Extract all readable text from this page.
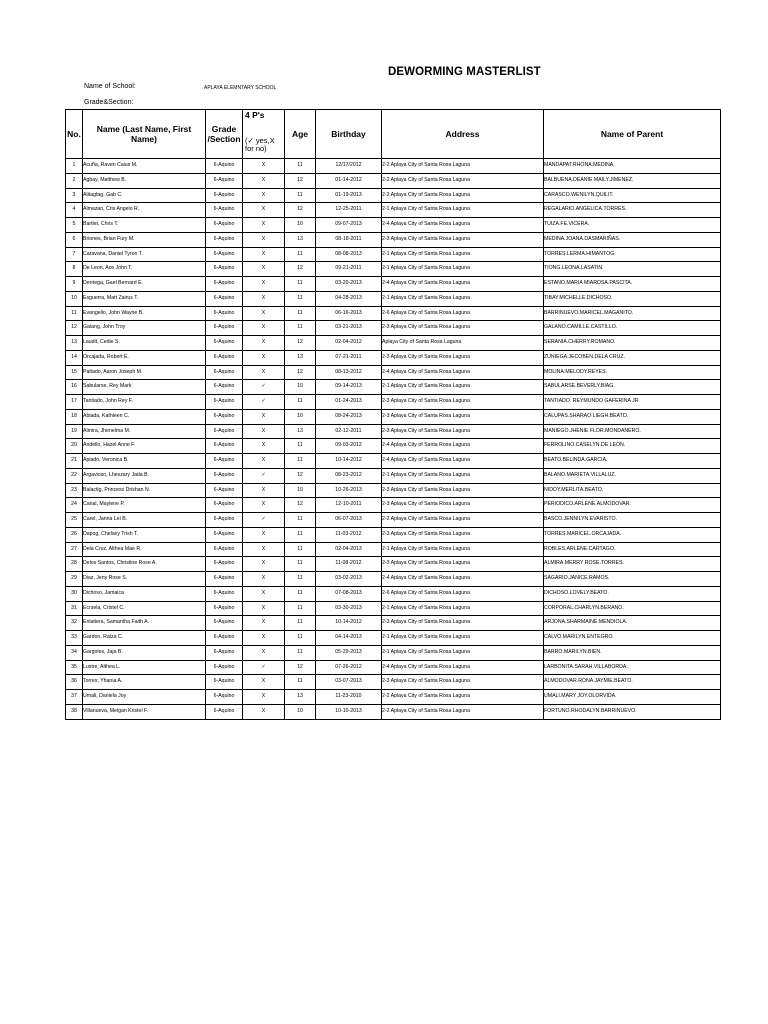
DEWORMING MASTERLIST
Name of School:	APLAYA ELEMNTARY SCHOOL
Grade&Section:
No.	Name (Last Name, First Name)	Grade /Section	4 P's	Age	Birthday	Address	Name of Parent
			(✓ yes,X for no)				
1	Acuña, Raven Caius M.	6-Aquino	X	11	12/17/2012	2-2 Aplaya City of Santa Rosa Laguna	MANDAPAT.RHONA.MEDINA.
2	Agbay, Matthew B.	6-Aquino	X	12	01-14-2012	2-2 Aplaya City of Santa Rosa Laguna	BALBUENA.DEANIE MAILY.JIMENEZ.
3	Alitagtag, Gab C.	6-Aquino	X	11	01-19-2013	2-2 Aplaya City of Santa Rosa Laguna	CARASCO.WENILYN.QUILIT.
4	Almazan, Cris Angelo R.	6-Aquino	X	12	12-25-2011	2-1 Aplaya City of Santa Rosa Laguna	REGALARIO.ANGELICA.TORRES.
5	Bartlet, Chris T.	6-Aquino	X	10	09-07-2013	2-4 Aplaya City of Santa Rosa Laguna	TUIZA.FE.VICERA.
6	Briones, Brian Fury M.	6-Aquino	X	13	08-18-2011	2-3 Aplaya City of Santa Rosa Laguna	MEDINA.JOANA.DASMARIÑAS.
7	Caravana, Daniel Tyron T.	6-Aquino	X	11	08-08-2013	2-1 Aplaya City of Santa Rosa Laguna	TORRES.LERMA.HIMANTOG.
8	De Leon, Ace John T.	6-Aquino	X	12	09-21-2011	2-1 Aplaya City of Santa Rosa Laguna	TIONG.LEONA.LASATIN.
9	Derriega, Gael Bernard E.	6-Aquino	X	11	03-20-2013	2-4 Aplaya City of Santa Rosa Laguna	ESTANO.MARIA MIAROSA.PASCITA.
10	Esguerra, Matt Zairus T.	6-Aquino	X	11	04-28-2013	2-1 Aplaya City of Santa Rosa Laguna	TIBAY.MICHELLE.DICHOSO.
11	Evangelio, John Wayne B.	6-Aquino	X	11	06-16-2013	2-6 Aplaya City of Santa Rosa Laguna	BARRINUEVO.MARICEL.MAGANITO.
12	Galang, John Troy	6-Aquino	X	11	03-21-2013	2-3 Aplaya City of Santa Rosa Laguna	GALANO.CAMILLE.CASTILLO.
13	Laudit, Cedie S.	6-Aquino	X	12	02-04-2012	Aplaya City of Santa Rosa Laguna	SERANIA.CHERRY.ROMANO.
14	Orcajada, Robert E.	6-Aquino	X	13	07-21-2011	2-3 Aplaya City of Santa Rosa Laguna	ZUNIEGA.JECOBEN.DELA CRUZ.
15	Paltado, Aaron Joseph M.	6-Aquino	X	12	08-13-2012	2-4 Aplaya City of Santa Rosa Laguna	MOLINA.MELODY.REYES.
16	Sabularse, Rey Mark	6-Aquino	✓	10	09-14-2013	2-1 Aplaya City of Santa Rosa Laguna	SABULARSE.BEVERLY.BIAG.
17	Tantiado, John Rey F.	6-Aquino	✓	11	01-24-2013	2-3 Aplaya City of Santa Rosa Laguna	TANTIADO. REYMUNDO GAFERINA JR
18	Abiada, Kathleen C.	6-Aquino	X	10	08-24-2013	2-3 Aplaya City of Santa Rosa Laguna	CALUPAS.SHARAO LIEGH.BEATO.
19	Almira, Jhenelma M.	6-Aquino	X	13	02-12-2011	2-3 Aplaya City of Santa Rosa Laguna	MANIEGO.JHENIE FLOR.MONDANERO.
20	Andello, Hazel Anne F.	6-Aquino	X	11	09-03-2012	2-4 Aplaya City of Santa Rosa Laguna	FERROLINO.CASELYN.DE LEON.
21	Apiado, Veronica B.	6-Aquino	X	11	10-14-2012	2-4 Aplaya City of Santa Rosa Laguna	BEATO.BELINDA.GARCIA.
22	Argavioso, Lhexzary Jada B.	6-Aquino	✓	12	08-23-2012	2-1 Aplaya City of Santa Rosa Laguna	BALANO.MARIETA.VILLALUZ.
23	Balactig, Princess Drishan N.	6-Aquino	X	10	10-26-2013	2-3 Aplaya City of Santa Rosa Laguna	NIDOY.MERLITA.BEATO.
24	Canal, Maylene P.	6-Aquino	X	12	12-10-2011	2-3 Aplaya City of Santa Rosa Laguna	PERIODICO.ARLENE.ALMODOVAR.
25	Carel, Janna Lei B.	6-Aquino	✓	11	06-07-2013	2-2 Aplaya City of Santa Rosa Laguna	BASCO.JENNILYN.EVARISTO.
26	Dapog, Chelsey Trish T.	6-Aquino	X	11	11-03-2012	2-3 Aplaya City of Santa Rosa Laguna	TORRES.MARICEL.ORCAJADA.
27	Dela Cruz, Althea Mae R.	6-Aquino	X	11	02-04-2013	2-1 Aplaya City of Santa Rosa Laguna	ROBLES.ARLENE.CARTAGO.
28	Delos Santos, Christine Rose A.	6-Aquino	X	11	11-08-2012	2-3 Aplaya City of Santa Rosa Laguna	ALMIRA.MERRY ROSE.TORRES.
29	Diaz, Jeny Rose S.	6-Aquino	X	11	03-02-2013	2-4 Aplaya City of Santa Rosa Laguna	SAGARIO.JANICE.RAMOS.
30	Dichoso, Jamaica	6-Aquino	X	11	07-08-2013	2-6 Aplaya City of Santa Rosa Laguna	DICHOSO.LOVELY.BEATO.
31	Ecrsela, Cristel C.	6-Aquino	X	11	03-30-2013	2-1 Aplaya City of Santa Rosa Laguna	CORPORAL.CHARLYN.BERANO.
32	Enlatiera, Samantha Faith A.	6-Aquino	X	11	10-14-2012	2-3 Aplaya City of Santa Rosa Laguna	ARJONA.SHARMAINE.MENDIOLA.
33	Gardon, Raiza C.	6-Aquino	X	11	04-14-2013	2-1 Aplaya City of Santa Rosa Laguna	CALVO.MARILYN.ENTEGRO.
34	Gargoles, Jaja B.	6-Aquino	X	11	05-29-2013	2-1 Aplaya City of Santa Rosa Laguna	BARRO.MARILYN.BIEN.
35	Lustre, Althea L.	6-Aquino	✓	12	07-26-2012	2-4 Aplaya City of Santa Rosa Laguna	LARBONITA.SARAH.VILLABORDA.
36	Torres, Yhania A.	6-Aquino	X	11	03-07-2013	2-3 Aplaya City of Santa Rosa Laguna	ALMODOVAR.RONA JAYMIE.BEATO.
37	Umali, Daniela Joy	6-Aquino	X	13	11-23-2010	2-2 Aplaya City of Santa Rosa Laguna	UMALI.MARY JOY.OLORVIDA.
38	Villanueva, Meigan Kristel F.	6-Aquino	X	10	10-10-2013	2-2 Aplaya City of Santa Rosa Laguna	FORTUNO.RHODALYN.BARRINUEVO.
